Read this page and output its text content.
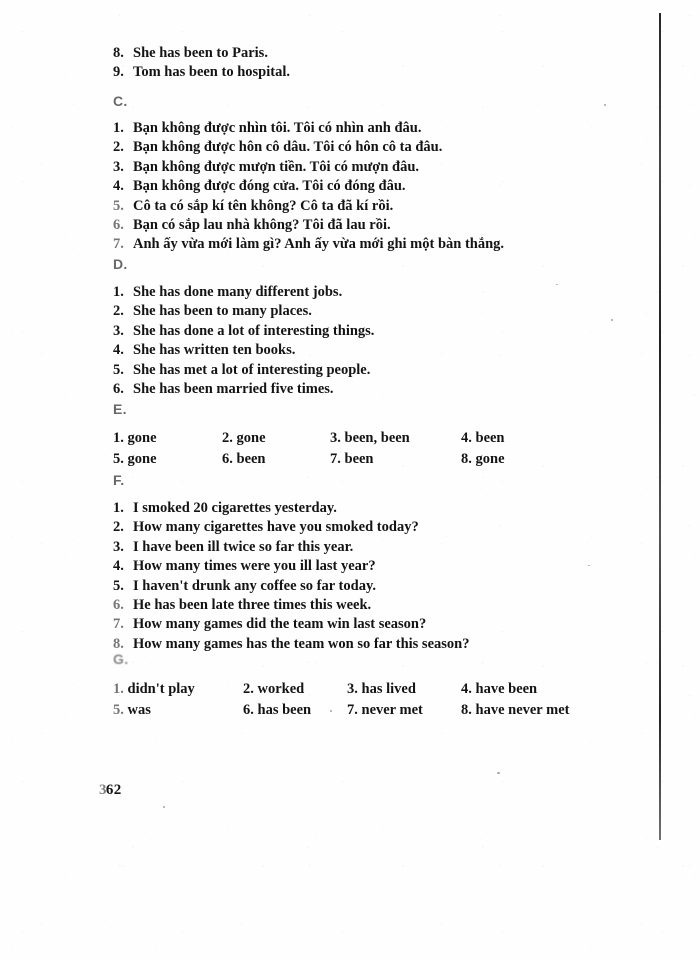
8. She has been to Paris.
9. Tom has been to hospital.
C.
1. Bạn không được nhìn tôi. Tôi có nhìn anh đâu.
2. Bạn không được hôn cô dâu. Tôi có hôn cô ta đâu.
3. Bạn không được mượn tiền. Tôi có mượn đâu.
4. Bạn không được đóng cửa. Tôi có đóng đâu.
5. Cô ta có sắp kí tên không? Cô ta đã kí rồi.
6. Bạn có sắp lau nhà không? Tôi đã lau rồi.
7. Anh ấy vừa mới làm gì? Anh ấy vừa mới ghi một bàn thắng.
D.
1. She has done many different jobs.
2. She has been to many places.
3. She has done a lot of interesting things.
4. She has written ten books.
5. She has met a lot of interesting people.
6. She has been married five times.
E.
1. gone	2. gone	3. been, been	4. been
5. gone	6. been	7. been	8. gone
F.
1. I smoked 20 cigarettes yesterday.
2. How many cigarettes have you smoked today?
3. I have been ill twice so far this year.
4. How many times were you ill last year?
5. I haven't drunk any coffee so far today.
6. He has been late three times this week.
7. How many games did the team win last season?
8. How many games has the team won so far this season?
G.
1. didn't play	2. worked	3. has lived	4. have been
5. was	6. has been 7. never met	8. have never met
362
